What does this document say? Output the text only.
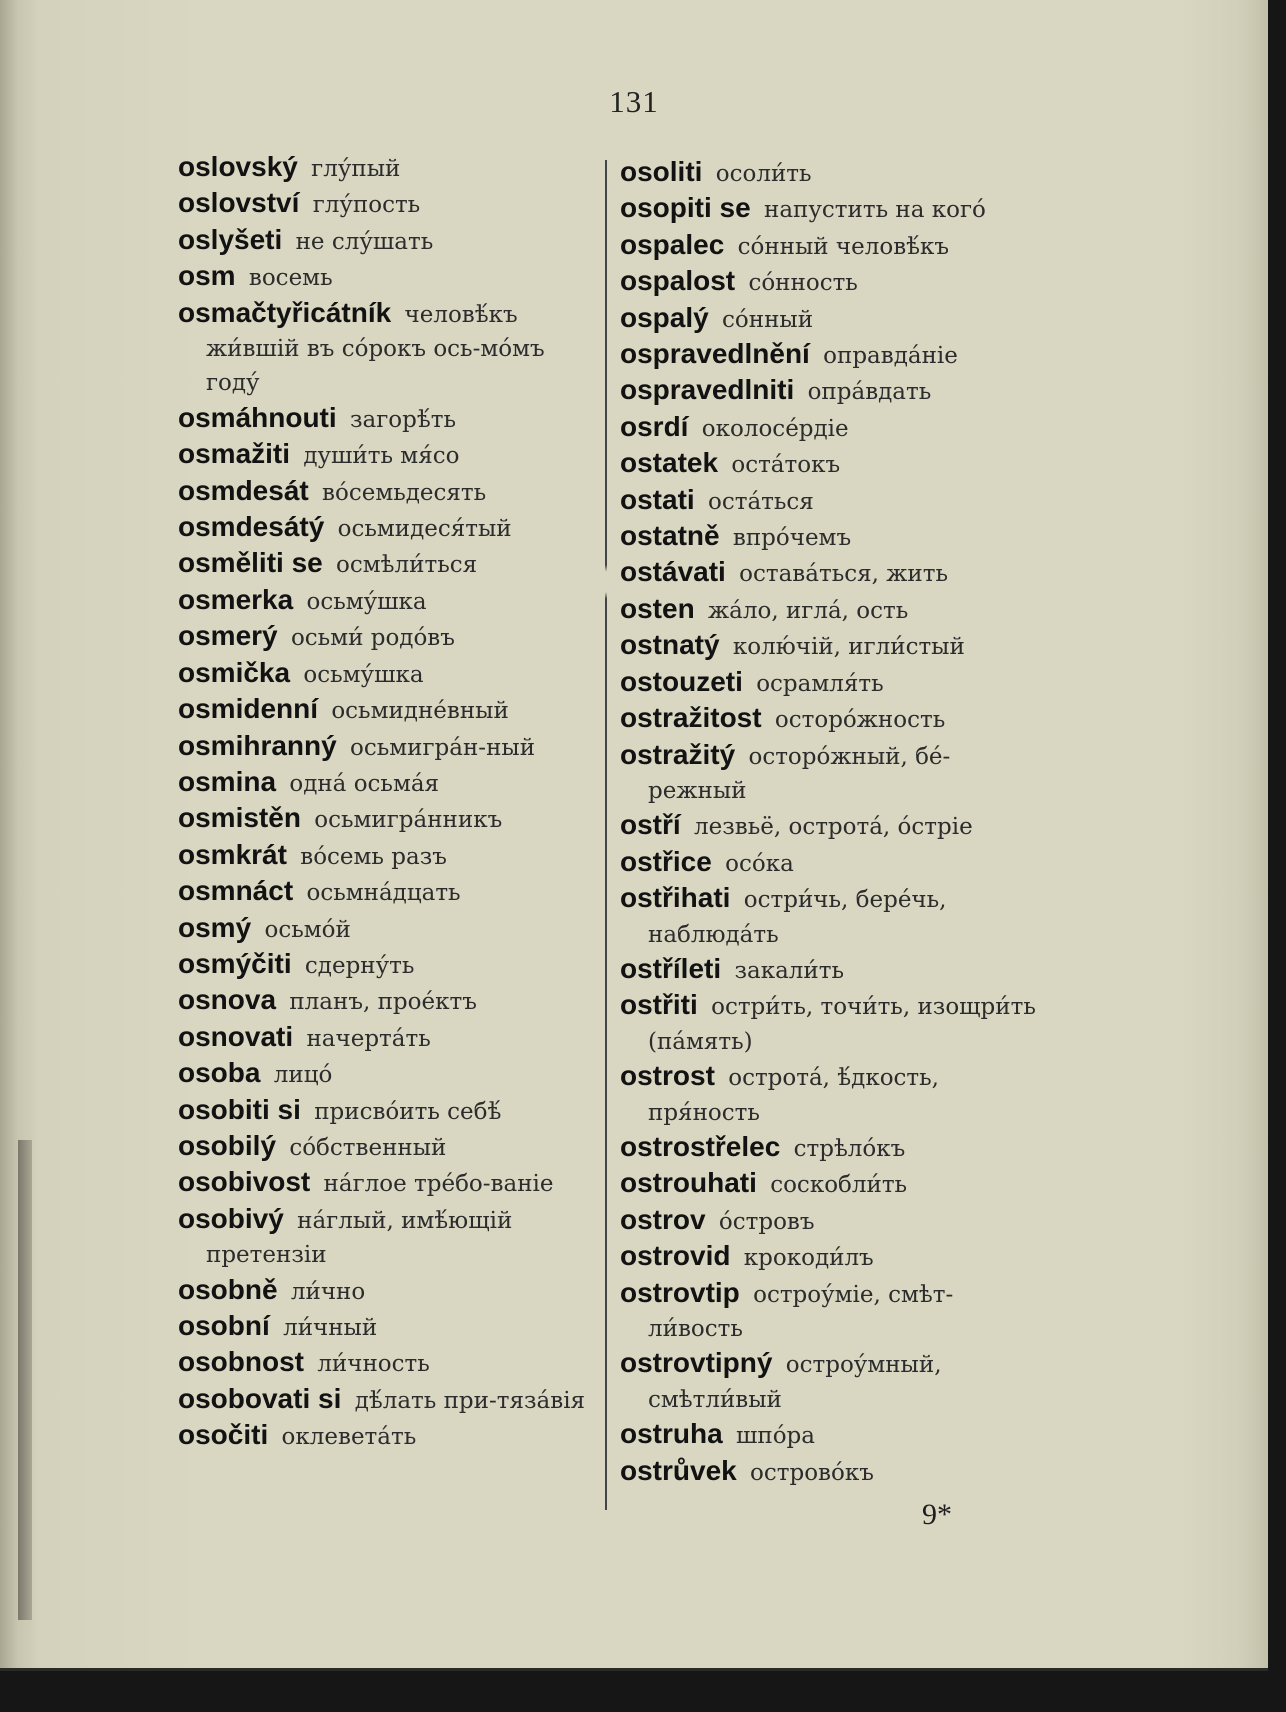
131
oslovský глу́пый
oslovství глу́пость
oslyšeti не слу́шать
osm восемь
osmačtyřicátník человѣ́къ жи́вшій въ со́рокъ ось-мо́мъ году́
osmáhnouti загорѣ́ть
osmažiti души́ть мя́со
osmdesát во́семьдесять
osmdesátý осьмидеся́тый
osměliti se осмѣли́ться
osmerka осьму́шка
osmerý осьми́ родо́въ
osmička осьму́шка
osmidenní осьмидне́вный
osmihranný осьмигра́н-ный
osmina одна́ осьма́я
osmistěn осьмигра́нникъ
osmkrát во́семь разъ
osmnáct осьмна́дцать
osmý осьмо́й
osmýčiti сдерну́ть
osnova планъ, прое́ктъ
osnovati начерта́ть
osoba лицо́
osobiti si присво́ить себѣ́
osobilý со́бственный
osobivost на́глое тре́бо-ваніе
osobivý на́глый, имѣ́ющій претензіи
osobně ли́чно
osobní ли́чный
osobnost ли́чность
osobovati si дѣ́лать при-тяза́вія
osočiti оклевета́ть
osoliti осоли́ть
osopiti se напустить на кого́
ospalec со́нный человѣ́къ
ospalost со́нность
ospalý со́нный
ospravedlnění оправда́ніе
ospravedlniti опра́вдать
osrdí околосе́рдіе
ostatek оста́токъ
ostati оста́ться
ostatně впро́чемъ
ostávati остава́ться, жить
osten жа́ло, игла́, ость
ostnatý колю́чій, игли́стый
ostouzeti осрамля́ть
ostražitost осторо́жность
ostražitý осторо́жный, бе́-режный
ostří лезвьё, острота́, о́стріе
ostřice осо́ка
ostřihati остри́чь, бере́чь, наблюда́ть
ostříleti закали́ть
ostřiti остри́ть, точи́ть, изощри́ть (па́мять)
ostrost острота́, ѣ́дкость, пря́ность
ostrostřelec стрѣло́къ
ostrouhati соскобли́ть
ostrov о́стровъ
ostrovid крокоди́лъ
ostrovtip остроу́міе, смѣт-ли́вость
ostrovtipný остроу́мный, смѣтли́вый
ostruha шпо́ра
ostrůvek островóкъ
9*
